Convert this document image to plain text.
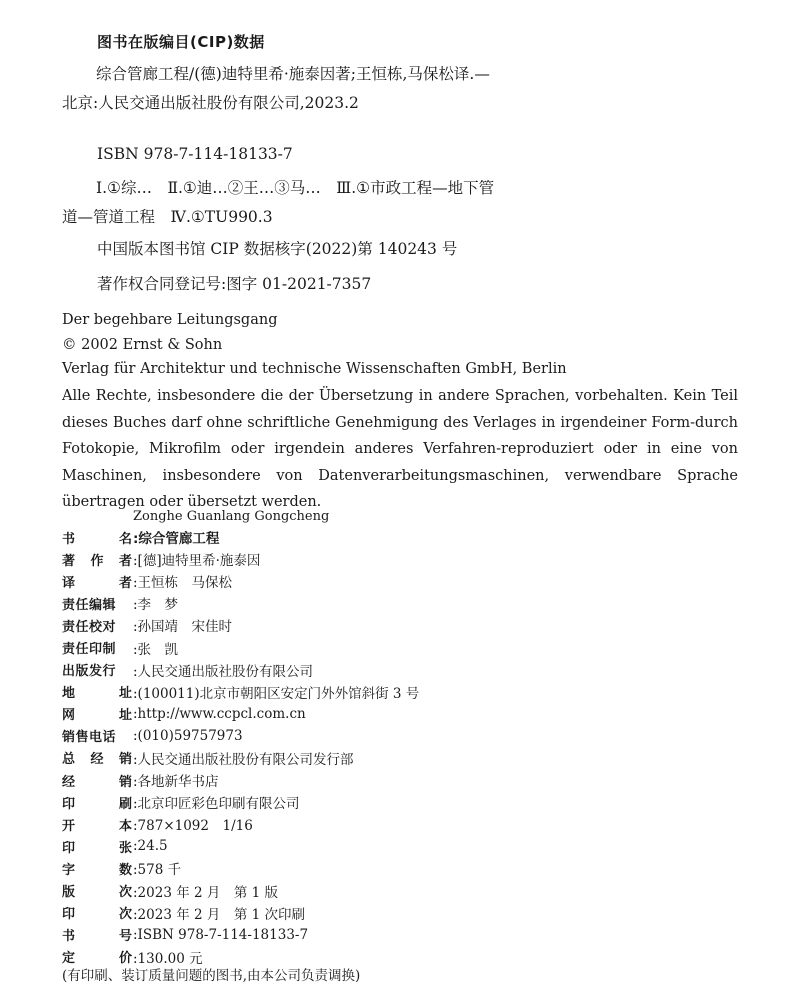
图书在版编目(CIP)数据
综合管廊工程/(德)迪特里希·施泰因著;王恒栋,马保松译.—北京:人民交通出版社股份有限公司,2023.2
ISBN 978-7-114-18133-7
Ⅰ.①综…　Ⅱ.①迪…②王…③马…　Ⅲ.①市政工程—地下管道—管道工程　Ⅳ.①TU990.3
中国版本图书馆 CIP 数据核字(2022)第 140243 号
著作权合同登记号:图字 01-2021-7357
Der begehbare Leitungsgang
© 2002 Ernst & Sohn
Verlag für Architektur und technische Wissenschaften GmbH, Berlin
Alle Rechte, insbesondere die der Übersetzung in andere Sprachen, vorbehalten. Kein Teil dieses Buches darf ohne schriftliche Genehmigung des Verlages in irgendeiner Form-durch Fotokopie, Mikrofilm oder irgendein anderes Verfahren-reproduziert oder in eine von Maschinen, insbesondere von Datenverarbeitungsmaschinen, verwendbare Sprache übertragen oder übersetzt werden.
Zonghe Guanlang Gongcheng
书	名 :综合管廊工程
著 作 者 :[德]迪特里希·施泰因
译	者 :王恒栋　马保松
责任编辑	:李　梦
责任校对	:孙国靖　宋佳时
责任印制	:张　凯
出版发行	:人民交通出版社股份有限公司
地	址 :(100011)北京市朝阳区安定门外外馆斜街 3 号
网	址 :http://www.ccpcl.com.cn
销售电话	:(010)59757973
总 经 销 :人民交通出版社股份有限公司发行部
经	销 :各地新华书店
印	刷 :北京印匠彩色印刷有限公司
开	本 :787×1092　1/16
印	张 :24.5
字	数 :578 千
版	次 :2023 年 2 月　第 1 版
印	次 :2023 年 2 月　第 1 次印刷
书	号 :ISBN 978-7-114-18133-7
定	价 :130.00 元
(有印刷、装订质量问题的图书,由本公司负责调换)
